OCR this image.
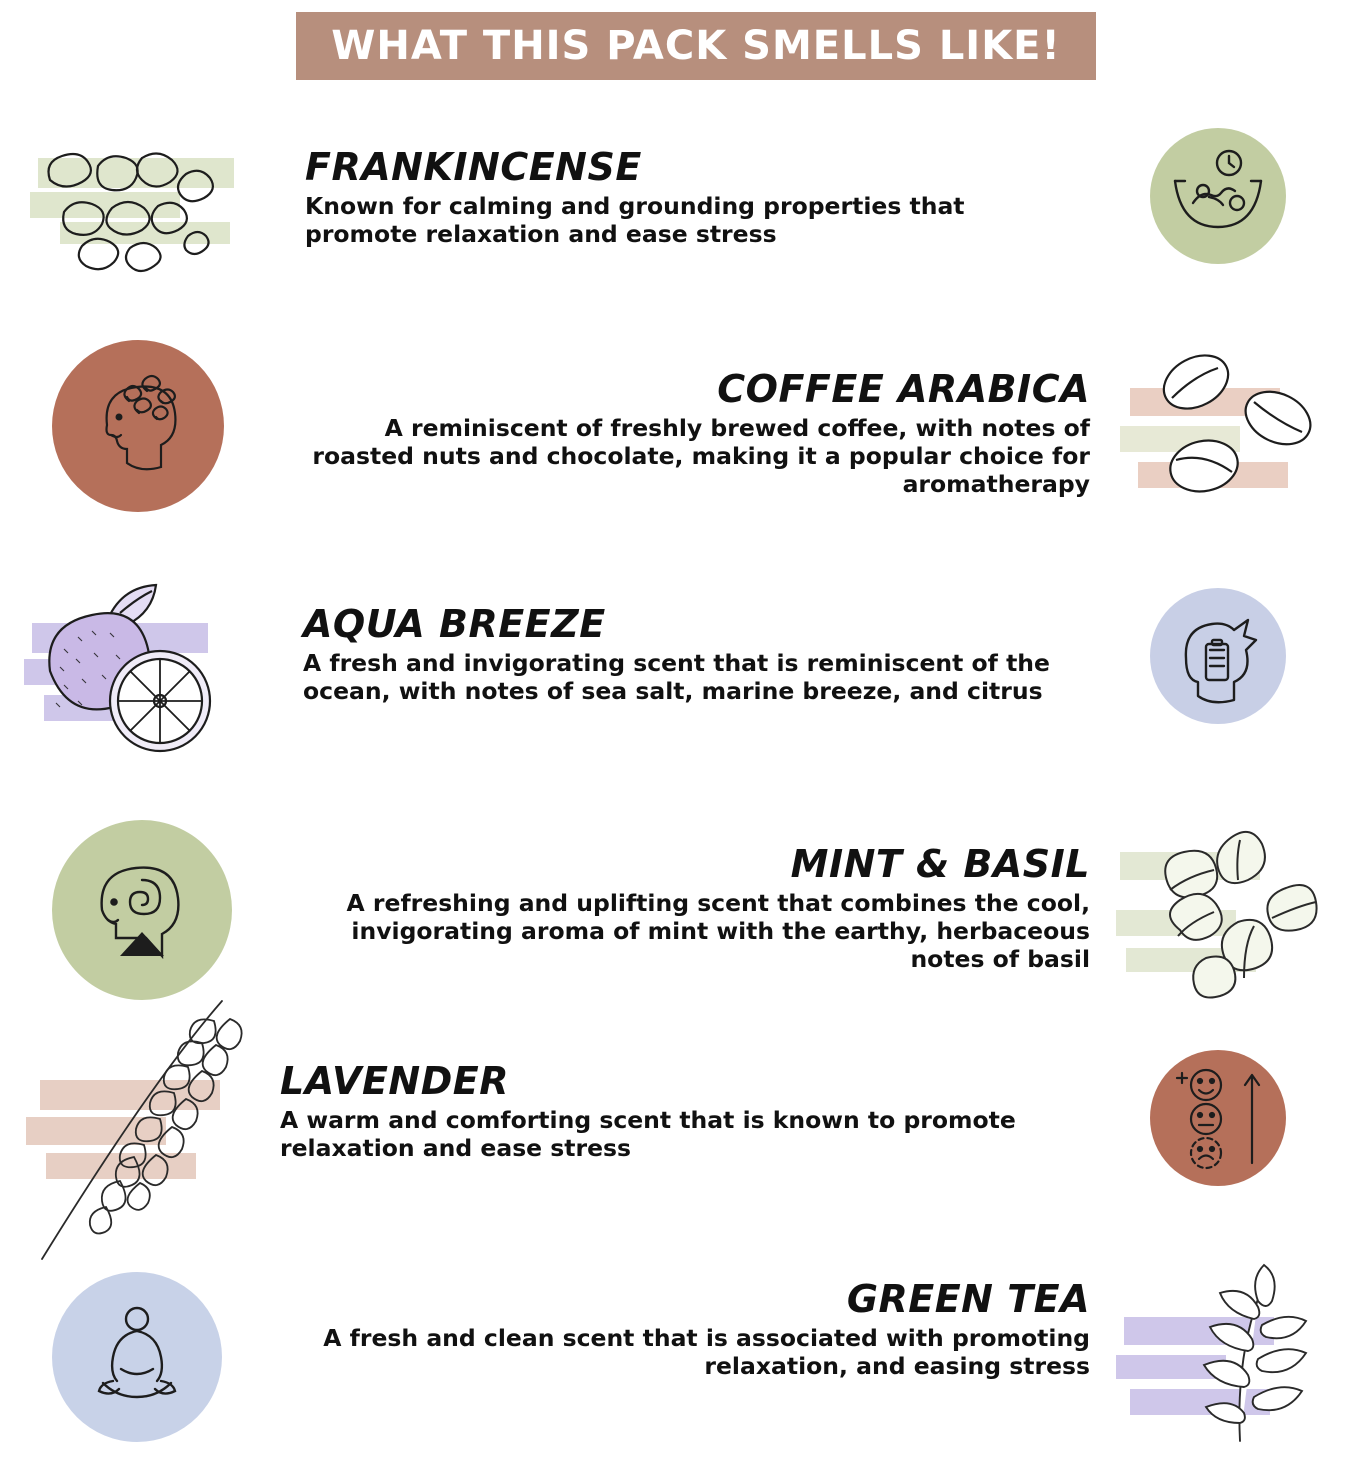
WHAT THIS PACK SMELLS LIKE!
FRANKINCENSE

Known for calming and grounding properties that promote relaxation and ease stress

COFFEE ARABICA

A reminiscent of freshly brewed coffee, with notes of roasted nuts and chocolate, making it a popular choice for aromatherapy

AQUA BREEZE

A fresh and invigorating scent that is reminiscent of the ocean, with notes of sea salt, marine breeze, and citrus

MINT & BASIL

A refreshing and uplifting scent that combines the cool, invigorating aroma of mint with the earthy, herbaceous notes of basil

LAVENDER

A warm and comforting scent that is known to promote relaxation and ease stress

GREEN TEA

A fresh and clean scent that is associated with promoting relaxation, and easing stress
